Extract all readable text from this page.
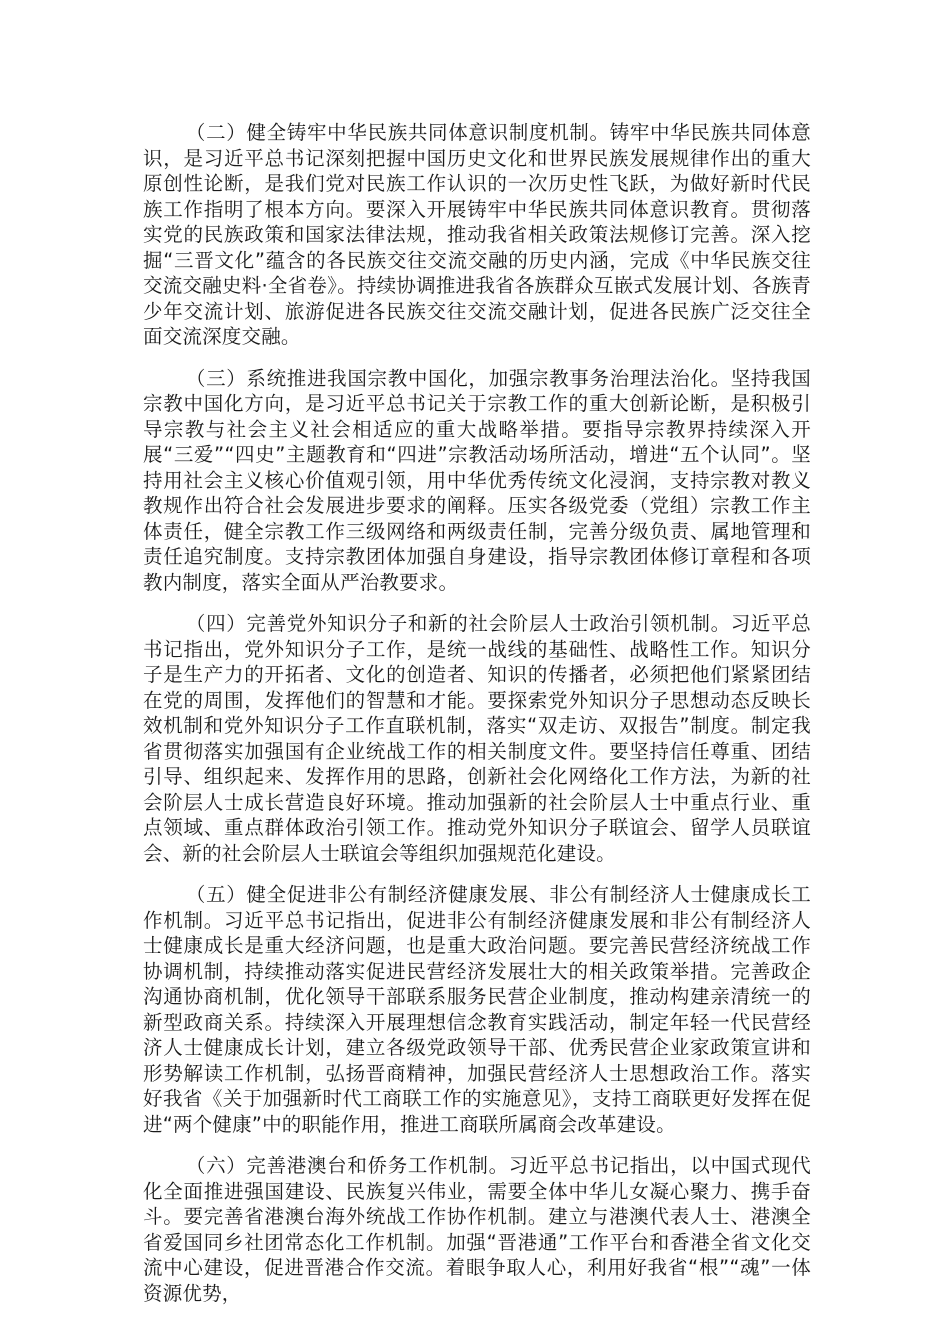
（二）健全铸牢中华民族共同体意识制度机制。铸牢中华民族共同体意识，是习近平总书记深刻把握中国历史文化和世界民族发展规律作出的重大原创性论断，是我们党对民族工作认识的一次历史性飞跃，为做好新时代民族工作指明了根本方向。要深入开展铸牢中华民族共同体意识教育。贯彻落实党的民族政策和国家法律法规，推动我省相关政策法规修订完善。深入挖掘“三晋文化”蕴含的各民族交往交流交融的历史内涵，完成《中华民族交往交流交融史料·全省卷》。持续协调推进我省各族群众互嵌式发展计划、各族青少年交流计划、旅游促进各民族交往交流交融计划，促进各民族广泛交往全面交流深度交融。

（三）系统推进我国宗教中国化，加强宗教事务治理法治化。坚持我国宗教中国化方向，是习近平总书记关于宗教工作的重大创新论断，是积极引导宗教与社会主义社会相适应的重大战略举措。要指导宗教界持续深入开展“三爱”“四史”主题教育和“四进”宗教活动场所活动，增进“五个认同”。坚持用社会主义核心价值观引领，用中华优秀传统文化浸润，支持宗教对教义教规作出符合社会发展进步要求的阐释。压实各级党委（党组）宗教工作主体责任，健全宗教工作三级网络和两级责任制，完善分级负责、属地管理和责任追究制度。支持宗教团体加强自身建设，指导宗教团体修订章程和各项教内制度，落实全面从严治教要求。

（四）完善党外知识分子和新的社会阶层人士政治引领机制。习近平总书记指出，党外知识分子工作，是统一战线的基础性、战略性工作。知识分子是生产力的开拓者、文化的创造者、知识的传播者，必须把他们紧紧团结在党的周围，发挥他们的智慧和才能。要探索党外知识分子思想动态反映长效机制和党外知识分子工作直联机制，落实“双走访、双报告”制度。制定我省贯彻落实加强国有企业统战工作的相关制度文件。要坚持信任尊重、团结引导、组织起来、发挥作用的思路，创新社会化网络化工作方法，为新的社会阶层人士成长营造良好环境。推动加强新的社会阶层人士中重点行业、重点领域、重点群体政治引领工作。推动党外知识分子联谊会、留学人员联谊会、新的社会阶层人士联谊会等组织加强规范化建设。

（五）健全促进非公有制经济健康发展、非公有制经济人士健康成长工作机制。习近平总书记指出，促进非公有制经济健康发展和非公有制经济人士健康成长是重大经济问题，也是重大政治问题。要完善民营经济统战工作协调机制，持续推动落实促进民营经济发展壮大的相关政策举措。完善政企沟通协商机制，优化领导干部联系服务民营企业制度，推动构建亲清统一的新型政商关系。持续深入开展理想信念教育实践活动，制定年轻一代民营经济人士健康成长计划，建立各级党政领导干部、优秀民营企业家政策宣讲和形势解读工作机制，弘扬晋商精神，加强民营经济人士思想政治工作。落实好我省《关于加强新时代工商联工作的实施意见》，支持工商联更好发挥在促进“两个健康”中的职能作用，推进工商联所属商会改革建设。

（六）完善港澳台和侨务工作机制。习近平总书记指出，以中国式现代化全面推进强国建设、民族复兴伟业，需要全体中华儿女凝心聚力、携手奋斗。要完善省港澳台海外统战工作协作机制。建立与港澳代表人士、港澳全省爱国同乡社团常态化工作机制。加强“晋港通”工作平台和香港全省文化交流中心建设，促进晋港合作交流。着眼争取人心，利用好我省“根”“魂”一体资源优势，
